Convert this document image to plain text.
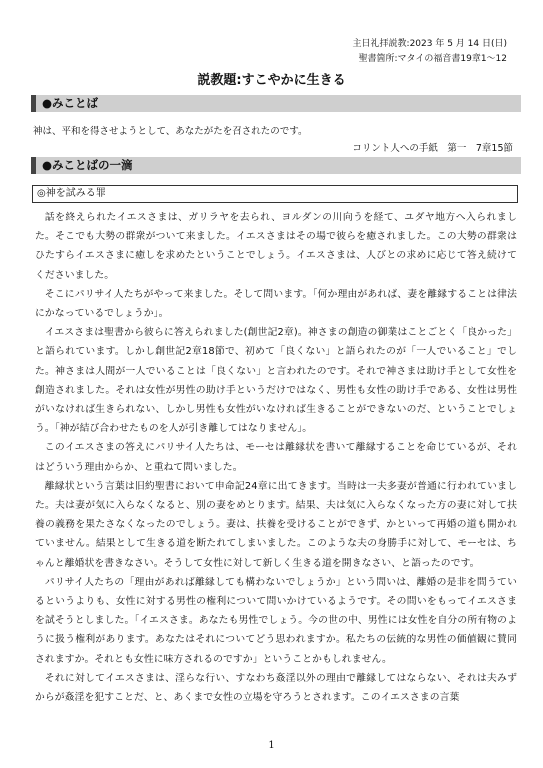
主日礼拝説教:2023 年 5 月 14 日(日)
聖書箇所:マタイの福音書19章1～12
説教題:すこやかに生きる
●みことば
神は、平和を得させようとして、あなたがたを召されたのです。
コリント人への手紙　第一　7章15節
●みことばの一滴
◎神を試みる罪

話を終えられたイエスさまは、ガリラヤを去られ、ヨルダンの川向うを経て、ユダヤ地方へ入られました。そこでも大勢の群衆がついて来ました。イエスさまはその場で彼らを癒されました。この大勢の群衆はひたすらイエスさまに癒しを求めたということでしょう。イエスさまは、人びとの求めに応じて答え続けてくださいました。

そこにパリサイ人たちがやって来ました。そして問います。「何か理由があれば、妻を離縁することは律法にかなっているでしょうか」。

イエスさまは聖書から彼らに答えられました(創世記2章)。神さまの創造の御業はことごとく「良かった」と語られています。しかし創世記2章18節で、初めて「良くない」と語られたのが「一人でいること」でした。神さまは人間が一人でいることは「良くない」と言われたのです。それで神さまは助け手として女性を創造されました。それは女性が男性の助け手というだけではなく、男性も女性の助け手である、女性は男性がいなければ生きられない、しかし男性も女性がいなければ生きることができないのだ、ということでしょう。「神が結び合わせたものを人が引き離してはなりません」。

このイエスさまの答えにパリサイ人たちは、モーセは離縁状を書いて離縁することを命じているが、それはどういう理由からか、と重ねて問いました。

離縁状という言葉は旧約聖書において申命記24章に出てきます。当時は一夫多妻が普通に行われていました。夫は妻が気に入らなくなると、別の妻をめとります。結果、夫は気に入らなくなった方の妻に対して扶養の義務を果たさなくなったのでしょう。妻は、扶養を受けることができず、かといって再婚の道も開かれていません。結果として生きる道を断たれてしまいました。このような夫の身勝手に対して、モーセは、ちゃんと離婚状を書きなさい。そうして女性に対して新しく生きる道を開きなさい、と語ったのです。

パリサイ人たちの「理由があれば離縁しても構わないでしょうか」という問いは、離婚の是非を問うているというよりも、女性に対する男性の権利について問いかけているようです。その問いをもってイエスさまを試そうとしました。「イエスさま。あなたも男性でしょう。今の世の中、男性には女性を自分の所有物のように扱う権利があります。あなたはそれについてどう思われますか。私たちの伝統的な男性の価値観に賛同されますか。それとも女性に味方されるのですか」ということかもしれません。

それに対してイエスさまは、淫らな行い、すなわち姦淫以外の理由で離縁してはならない、それは夫みずからが姦淫を犯すことだ、と、あくまで女性の立場を守ろうとされます。このイエスさまの言葉

1
